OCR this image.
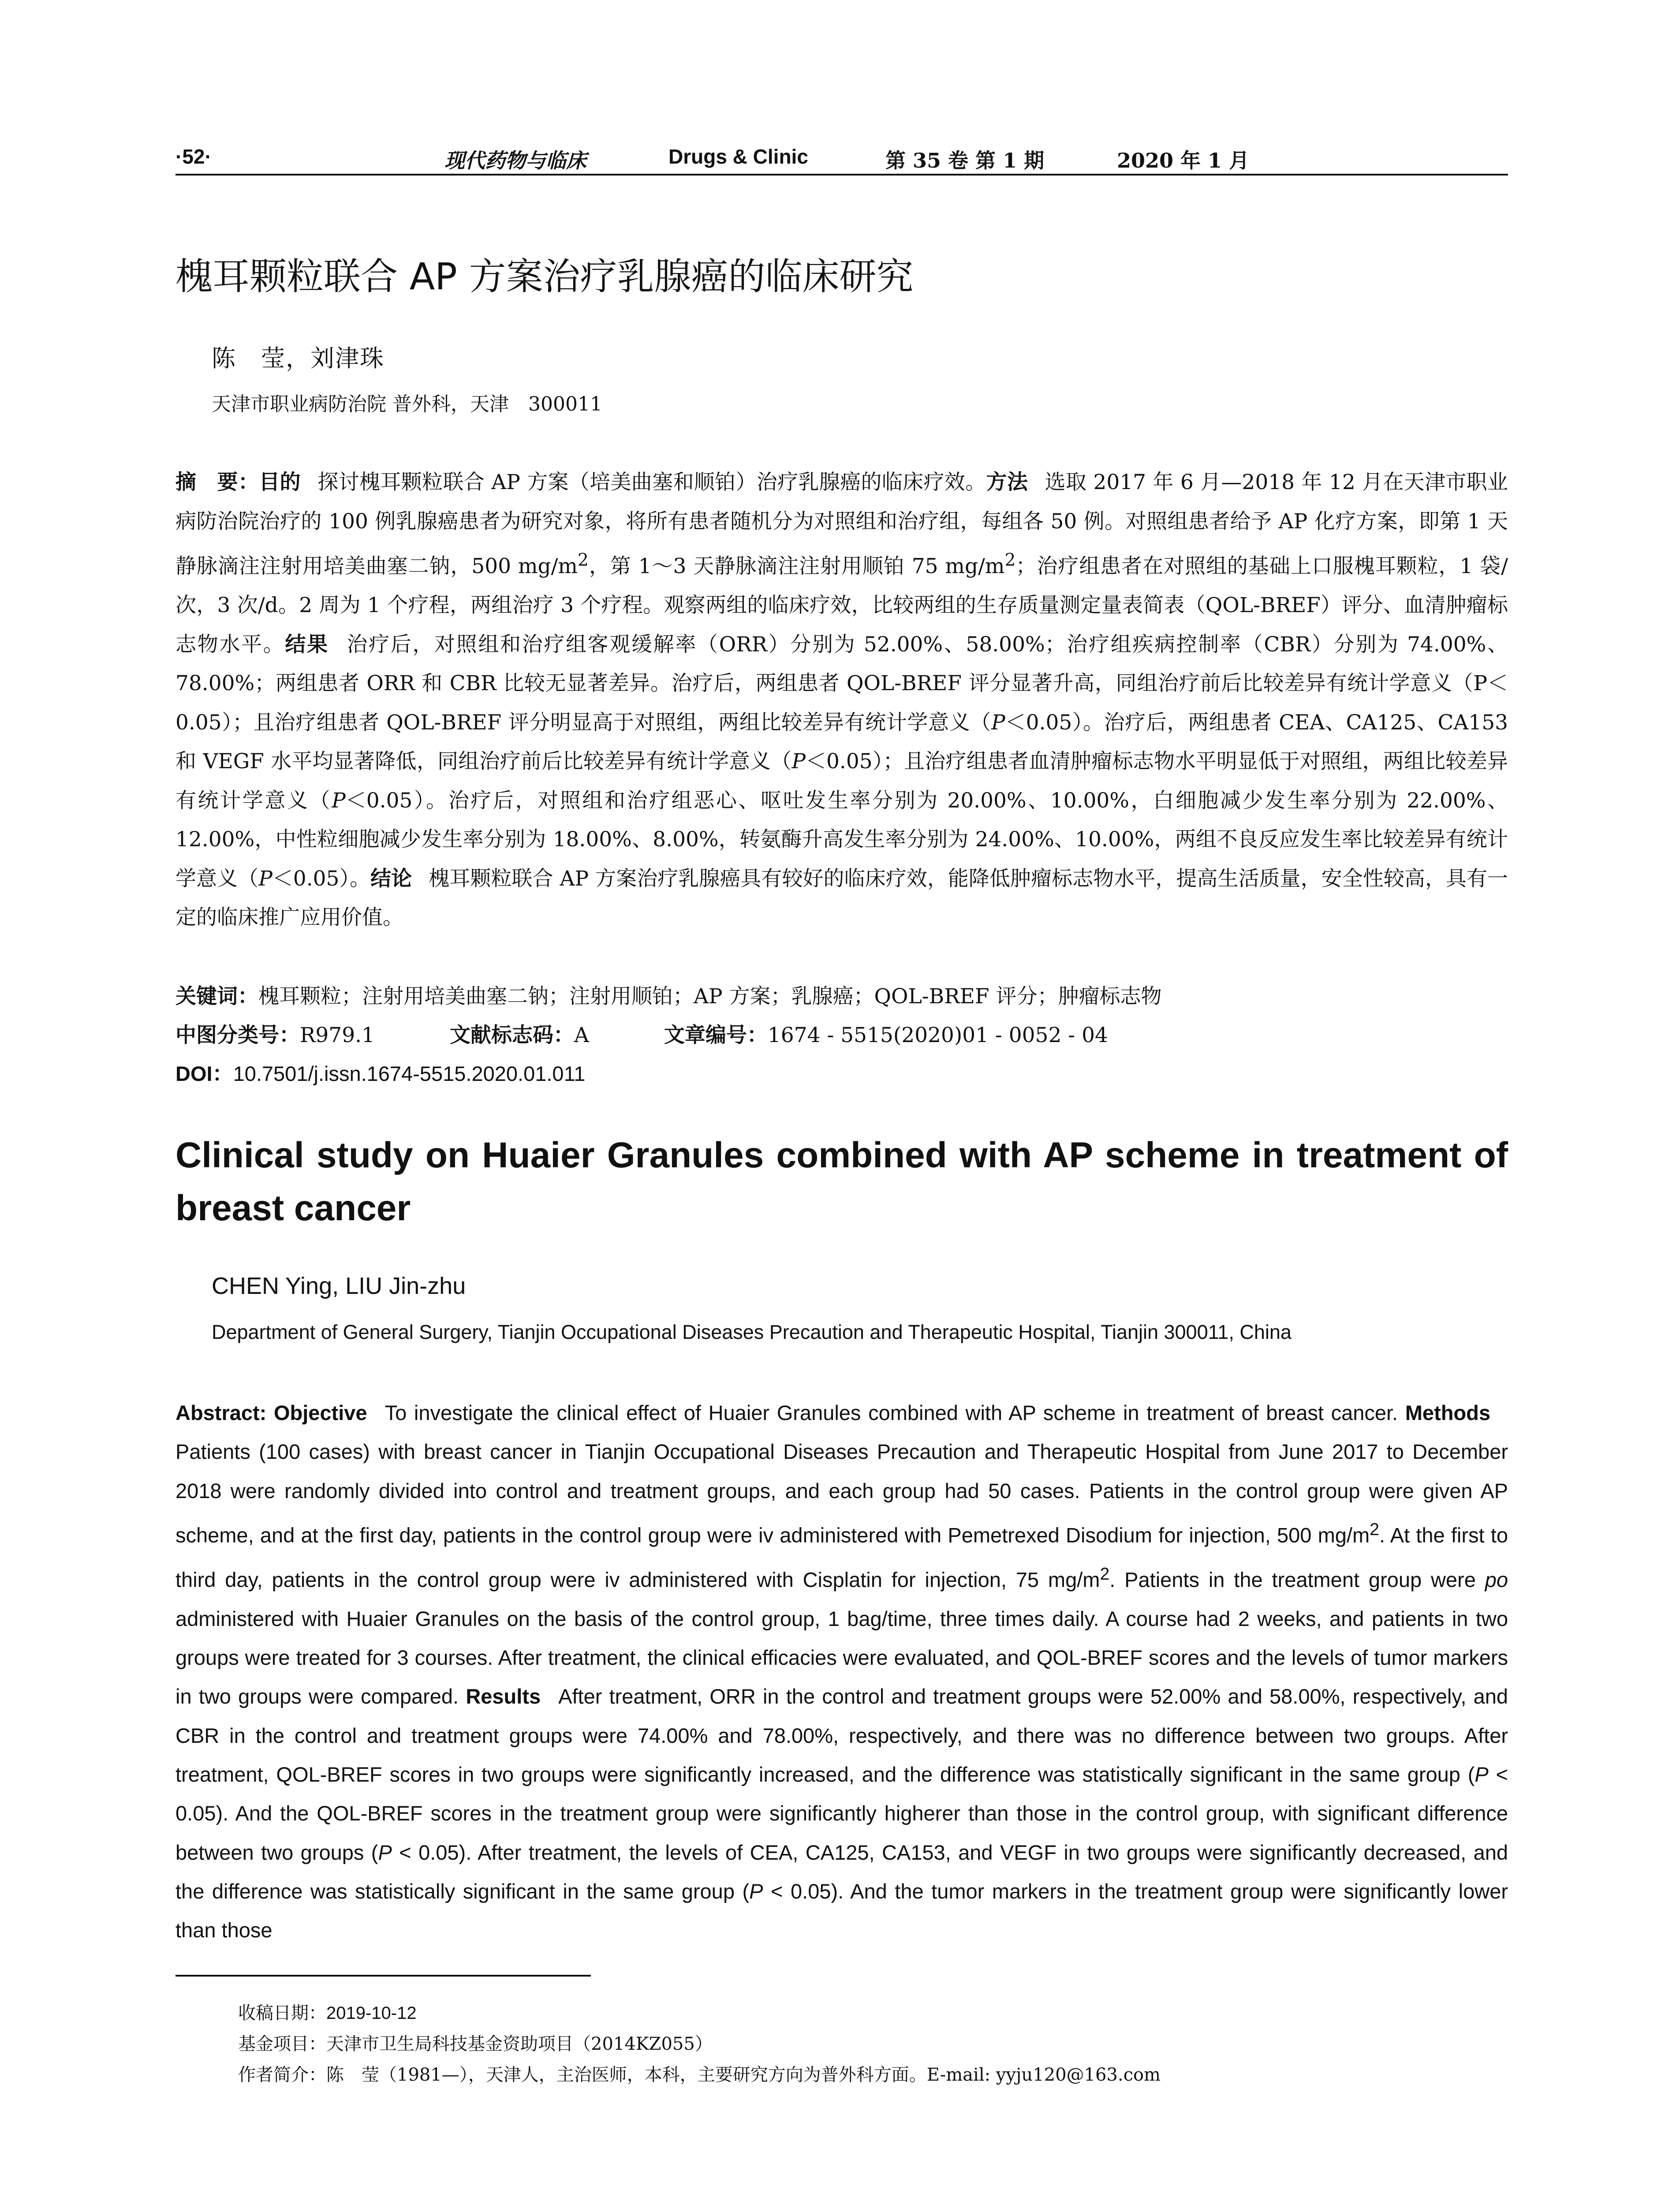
·52·	现代药物与临床	Drugs & Clinic	第 35 卷 第 1 期	2020 年 1 月
槐耳颗粒联合 AP 方案治疗乳腺癌的临床研究
陈　莹，刘津珠
天津市职业病防治院 普外科，天津　300011
摘　要：目的 探讨槐耳颗粒联合 AP 方案（培美曲塞和顺铂）治疗乳腺癌的临床疗效。方法 选取 2017 年 6 月—2018 年 12 月在天津市职业病防治院治疗的 100 例乳腺癌患者为研究对象，将所有患者随机分为对照组和治疗组，每组各 50 例。对照组患者给予 AP 化疗方案，即第 1 天静脉滴注注射用培美曲塞二钠，500 $mg/m^2$，第 1～3 天静脉滴注注射用顺铂 75 $mg/m^2$；治疗组患者在对照组的基础上口服槐耳颗粒，1 袋/次，3 次/d。2 周为 1 个疗程，两组治疗 3 个疗程。观察两组的临床疗效，比较两组的生存质量测定量表简表（QOL-BREF）评分、血清肿瘤标志物水平。结果 治疗后，对照组和治疗组客观缓解率（ORR）分别为 52.00%、58.00%；治疗组疾病控制率（CBR）分别为 74.00%、78.00%；两组患者 ORR 和 CBR 比较无显著差异。治疗后，两组患者 QOL-BREF 评分显著升高，同组治疗前后比较差异有统计学意义（P＜0.05）；且治疗组患者 QOL-BREF 评分明显高于对照组，两组比较差异有统计学意义（P＜0.05）。治疗后，两组患者 CEA、CA125、CA153 和 VEGF 水平均显著降低，同组治疗前后比较差异有统计学意义（P＜0.05）；且治疗组患者血清肿瘤标志物水平明显低于对照组，两组比较差异有统计学意义（P＜0.05）。治疗后，对照组和治疗组恶心、呕吐发生率分别为 20.00%、10.00%，白细胞减少发生率分别为 22.00%、12.00%，中性粒细胞减少发生率分别为 18.00%、8.00%，转氨酶升高发生率分别为 24.00%、10.00%，两组不良反应发生率比较差异有统计学意义（P＜0.05）。结论 槐耳颗粒联合 AP 方案治疗乳腺癌具有较好的临床疗效，能降低肿瘤标志物水平，提高生活质量，安全性较高，具有一定的临床推广应用价值。
关键词：槐耳颗粒；注射用培美曲塞二钠；注射用顺铂；AP 方案；乳腺癌；QOL-BREF 评分；肿瘤标志物
中图分类号：R979.1	文献标志码：A	文章编号：1674 - 5515(2020)01 - 0052 - 04
DOI：10.7501/j.issn.1674-5515.2020.01.011
Clinical study on Huaier Granules combined with AP scheme in treatment of breast cancer
CHEN Ying, LIU Jin-zhu
Department of General Surgery, Tianjin Occupational Diseases Precaution and Therapeutic Hospital, Tianjin 300011, China
Abstract: Objective To investigate the clinical effect of Huaier Granules combined with AP scheme in treatment of breast cancer. MethodsPatients (100 cases) with breast cancer in Tianjin Occupational Diseases Precaution and Therapeutic Hospital from June 2017 to December 2018 were randomly divided into control and treatment groups, and each group had 50 cases. Patients in the control group were given AP scheme, and at the first day, patients in the control group were iv administered with Pemetrexed Disodium for injection, 500 $mg/m^2$. At the first to third day, patients in the control group were iv administered with Cisplatin for injection, 75 $mg/m^2$. Patients in the treatment group were po administered with Huaier Granules on the basis of the control group, 1 bag/time, three times daily. A course had 2 weeks, and patients in two groups were treated for 3 courses. After treatment, the clinical efficacies were evaluated, and QOL-BREF scores and the levels of tumor markers in two groups were compared. Results After treatment, ORR in the control and treatment groups were 52.00% and 58.00%, respectively, and CBR in the control and treatment groups were 74.00% and 78.00%, respectively, and there was no difference between two groups. After treatment, QOL-BREF scores in two groups were significantly increased, and the difference was statistically significant in the same group (P < 0.05). And the QOL-BREF scores in the treatment group were significantly higherer than those in the control group, with significant difference between two groups (P < 0.05). After treatment, the levels of CEA, CA125, CA153, and VEGF in two groups were significantly decreased, and the difference was statistically significant in the same group (P < 0.05). And the tumor markers in the treatment group were significantly lower than those
收稿日期：2019-10-12
基金项目：天津市卫生局科技基金资助项目（2014KZ055）
作者简介：陈　莹（1981—），天津人，主治医师，本科，主要研究方向为普外科方面。E-mail: yyju120@163.com
